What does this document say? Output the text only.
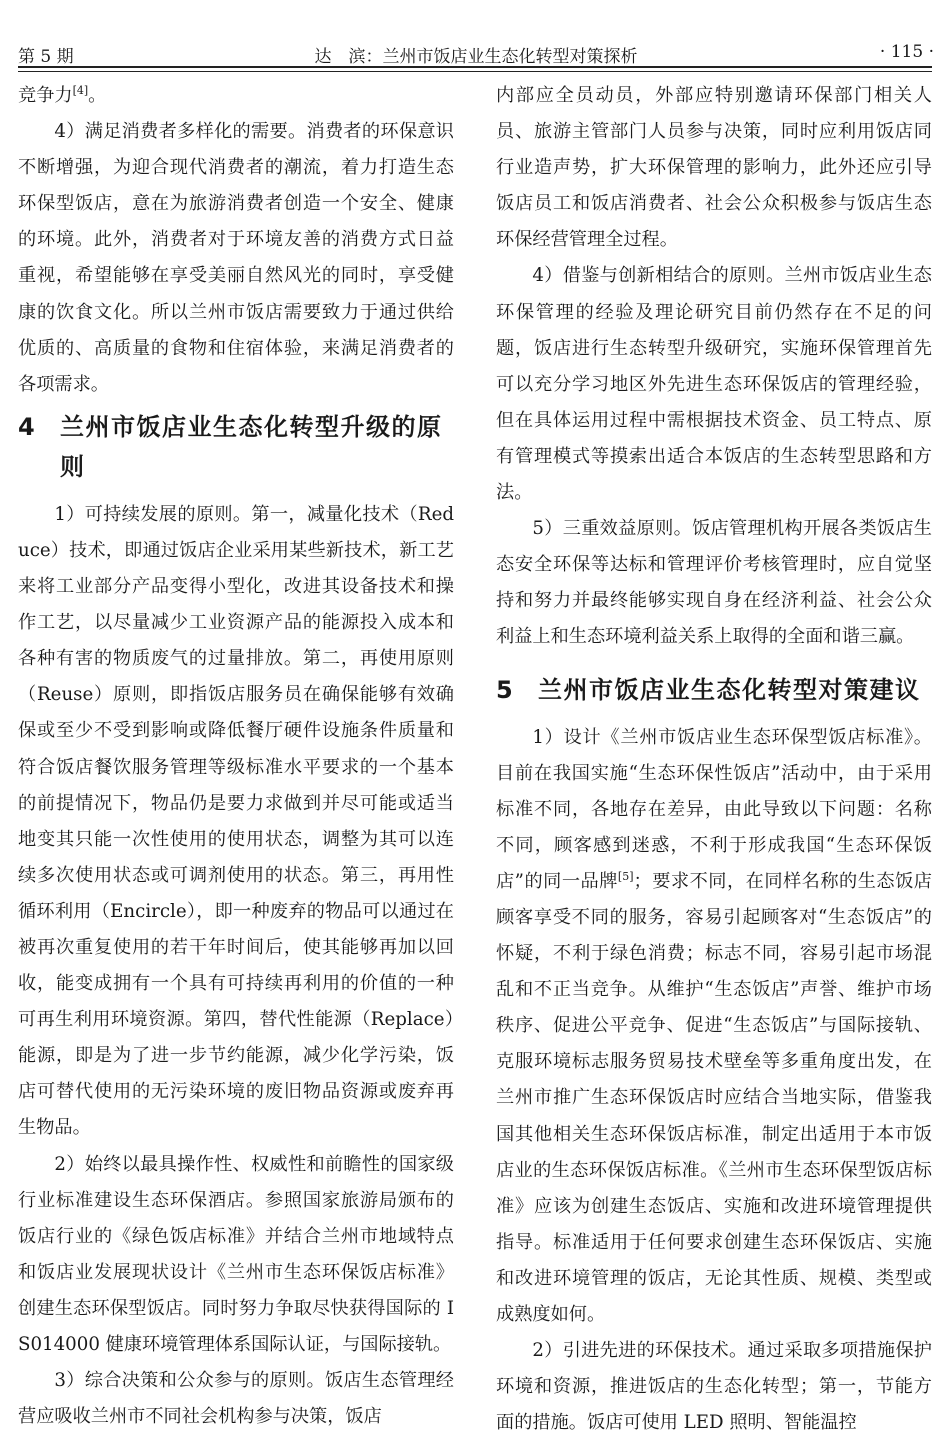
第 5 期	达　滨：兰州市饭店业生态化转型对策探析	· 115 ·

竞争力[4]。

4）满足消费者多样化的需要。消费者的环保意识不断增强，为迎合现代消费者的潮流，着力打造生态环保型饭店，意在为旅游消费者创造一个安全、健康的环境。此外，消费者对于环境友善的消费方式日益重视，希望能够在享受美丽自然风光的同时，享受健康的饮食文化。所以兰州市饭店需要致力于通过供给优质的、高质量的食物和住宿体验，来满足消费者的各项需求。

4 兰州市饭店业生态化转型升级的原则

1）可持续发展的原则。第一，减量化技术（Reduce）技术，即通过饭店企业采用某些新技术，新工艺来将工业部分产品变得小型化，改进其设备技术和操作工艺，以尽量减少工业资源产品的能源投入成本和各种有害的物质废气的过量排放。第二，再使用原则（Reuse）原则，即指饭店服务员在确保能够有效确保或至少不受到影响或降低餐厅硬件设施条件质量和符合饭店餐饮服务管理等级标准水平要求的一个基本的前提情况下，物品仍是要力求做到并尽可能或适当地变其只能一次性使用的使用状态，调整为其可以连续多次使用状态或可调剂使用的状态。第三，再用性循环利用（Encircle），即一种废弃的物品可以通过在被再次重复使用的若干年时间后，使其能够再加以回收，能变成拥有一个具有可持续再利用的价值的一种可再生利用环境资源。第四，替代性能源（Replace）能源，即是为了进一步节约能源，减少化学污染，饭店可替代使用的无污染环境的废旧物品资源或废弃再生物品。

2）始终以最具操作性、权威性和前瞻性的国家级行业标准建设生态环保酒店。参照国家旅游局颁布的饭店行业的《绿色饭店标准》并结合兰州市地域特点和饭店业发展现状设计《兰州市生态环保饭店标准》创建生态环保型饭店。同时努力争取尽快获得国际的 IS014000 健康环境管理体系国际认证，与国际接轨。

3）综合决策和公众参与的原则。饭店生态管理经营应吸收兰州市不同社会机构参与决策，饭店

内部应全员动员，外部应特别邀请环保部门相关人员、旅游主管部门人员参与决策，同时应利用饭店同行业造声势，扩大环保管理的影响力，此外还应引导饭店员工和饭店消费者、社会公众积极参与饭店生态环保经营管理全过程。

4）借鉴与创新相结合的原则。兰州市饭店业生态环保管理的经验及理论研究目前仍然存在不足的问题，饭店进行生态转型升级研究，实施环保管理首先可以充分学习地区外先进生态环保饭店的管理经验，但在具体运用过程中需根据技术资金、员工特点、原有管理模式等摸索出适合本饭店的生态转型思路和方法。

5）三重效益原则。饭店管理机构开展各类饭店生态安全环保等达标和管理评价考核管理时，应自觉坚持和努力并最终能够实现自身在经济利益、社会公众利益上和生态环境利益关系上取得的全面和谐三赢。

5 兰州市饭店业生态化转型对策建议

1）设计《兰州市饭店业生态环保型饭店标准》。目前在我国实施“生态环保性饭店”活动中，由于采用标准不同，各地存在差异，由此导致以下问题：名称不同，顾客感到迷惑，不利于形成我国“生态环保饭店”的同一品牌[5]；要求不同，在同样名称的生态饭店顾客享受不同的服务，容易引起顾客对“生态饭店”的怀疑，不利于绿色消费；标志不同，容易引起市场混乱和不正当竞争。从维护“生态饭店”声誉、维护市场秩序、促进公平竞争、促进“生态饭店”与国际接轨、克服环境标志服务贸易技术壁垒等多重角度出发，在兰州市推广生态环保饭店时应结合当地实际，借鉴我国其他相关生态环保饭店标准，制定出适用于本市饭店业的生态环保饭店标准。《兰州市生态环保型饭店标准》应该为创建生态饭店、实施和改进环境管理提供指导。标准适用于任何要求创建生态环保饭店、实施和改进环境管理的饭店，无论其性质、规模、类型或成熟度如何。

2）引进先进的环保技术。通过采取多项措施保护环境和资源，推进饭店的生态化转型；第一，节能方面的措施。饭店可使用 LED 照明、智能温控
